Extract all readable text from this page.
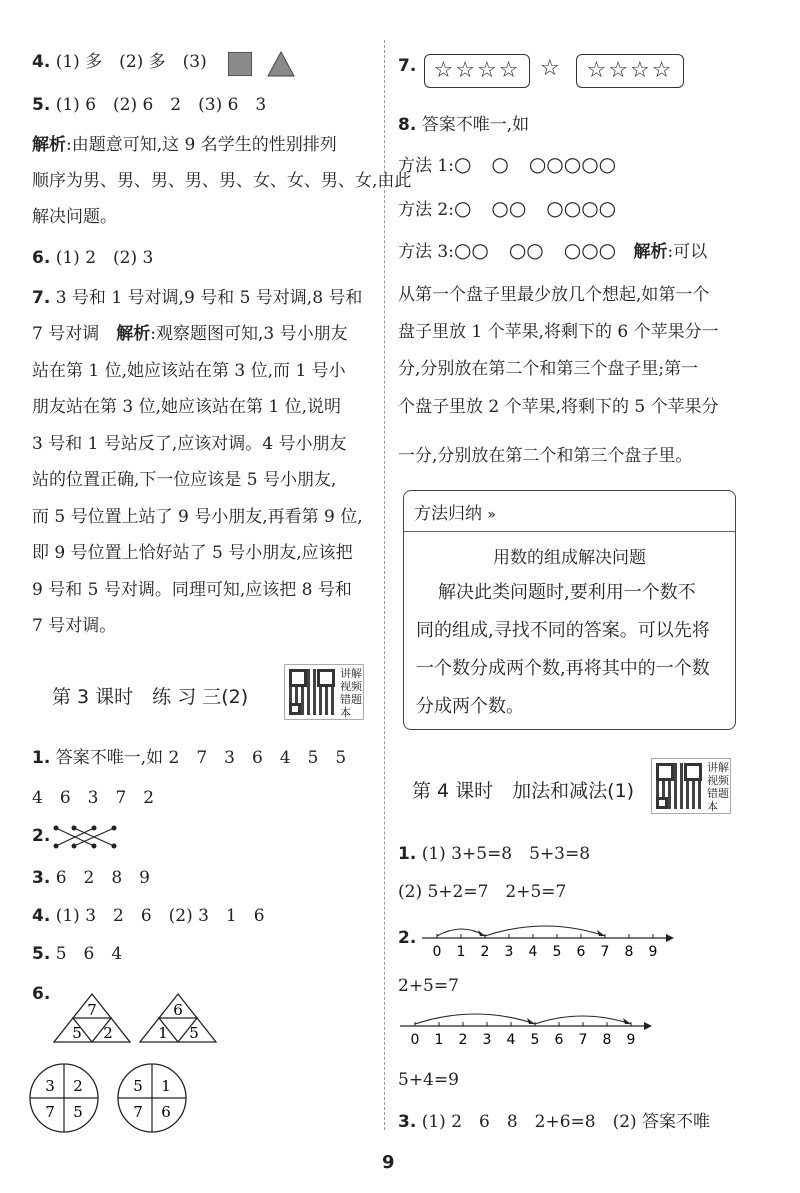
4. (1) 多　(2) 多　(3)
5. (1) 6　(2) 6　2　(3) 6　3
解析:由题意可知,这 9 名学生的性别排列
顺序为男、男、男、男、男、女、女、男、女,由此
解决问题。
6. (1) 2　(2) 3
7. 3 号和 1 号对调,9 号和 5 号对调,8 号和
7 号对调　解析:观察题图可知,3 号小朋友
站在第 1 位,她应该站在第 3 位,而 1 号小
朋友站在第 3 位,她应该站在第 1 位,说明
3 号和 1 号站反了,应该对调。4 号小朋友
站的位置正确,下一位应该是 5 号小朋友,
而 5 号位置上站了 9 号小朋友,再看第 9 位,
即 9 号位置上恰好站了 5 号小朋友,应该把
9 号和 5 号对调。同理可知,应该把 8 号和
7 号对调。
第 3 课时　练 习 三(2)
讲解视频错题本
1. 答案不唯一,如 2　7　3　6　4　5　5
4　6　3　7　2
2.
3. 6　2　8　9
4. (1) 3　2　6　(2) 3　1　6
5. 5　6　4
6.
7
5 2
6
1 5
3 2
7 5
5 1
7 6
7. ☆☆☆☆ ☆	☆☆☆☆
8. 答案不唯一,如
方法 1:○　○　○○○○○
方法 2:○　○○　○○○○
方法 3:○○　○○　○○○ 解析:可以
从第一个盘子里最少放几个想起,如第一个
盘子里放 1 个苹果,将剩下的 6 个苹果分一
分,分别放在第二个和第三个盘子里;第一
个盘子里放 2 个苹果,将剩下的 5 个苹果分
一分,分别放在第二个和第三个盘子里。
方法归纳 »
用数的组成解决问题
解决此类问题时,要利用一个数不
同的组成,寻找不同的答案。可以先将
一个数分成两个数,再将其中的一个数
分成两个数。
第 4 课时　加法和减法(1)
讲解视频错题本
1. (1) 3+5=8　5+3=8
(2) 5+2=7　2+5=7
2.
0 1 2 3 4 5 6 7 8 9
2+5=7
0 1 2 3 4 5 6 7 8 9
5+4=9
3. (1) 2　6　8　2+6=8　(2) 答案不唯
9
